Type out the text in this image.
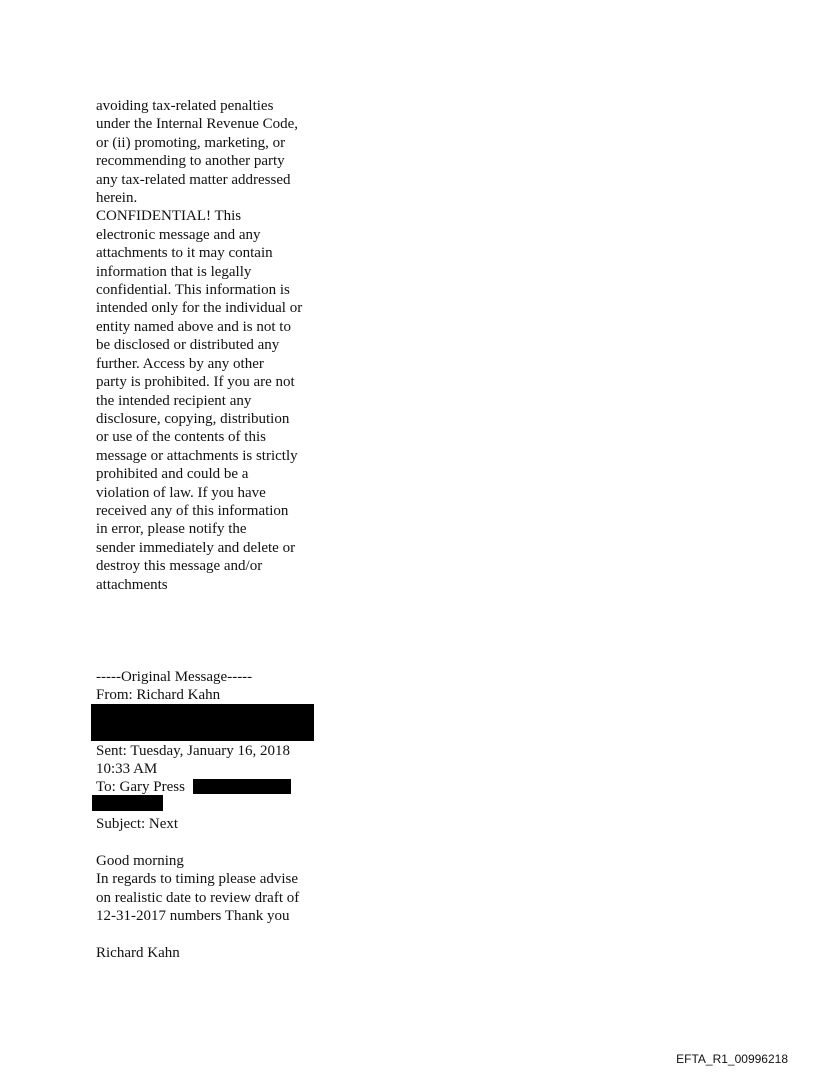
avoiding tax-related penalties
under the Internal Revenue Code,
or (ii) promoting, marketing, or
recommending to another party
any tax-related matter addressed
herein.
CONFIDENTIAL! This
electronic message and any
attachments to it may contain
information that is legally
confidential. This information is
intended only for the individual or
entity named above and is not to
be disclosed or distributed any
further. Access by any other
party is prohibited. If you are not
the intended recipient any
disclosure, copying, distribution
or use of the contents of this
message or attachments is strictly
prohibited and could be a
violation of law. If you have
received any of this information
in error, please notify the
sender immediately and delete or
destroy this message and/or
attachments
-----Original Message-----
From: Richard Kahn
Sent: Tuesday, January 16, 2018
10:33 AM
To: Gary Press
Subject: Next
Good morning
In regards to timing please advise
on realistic date to review draft of
12-31-2017 numbers Thank you
Richard Kahn
EFTA_R1_00996218
